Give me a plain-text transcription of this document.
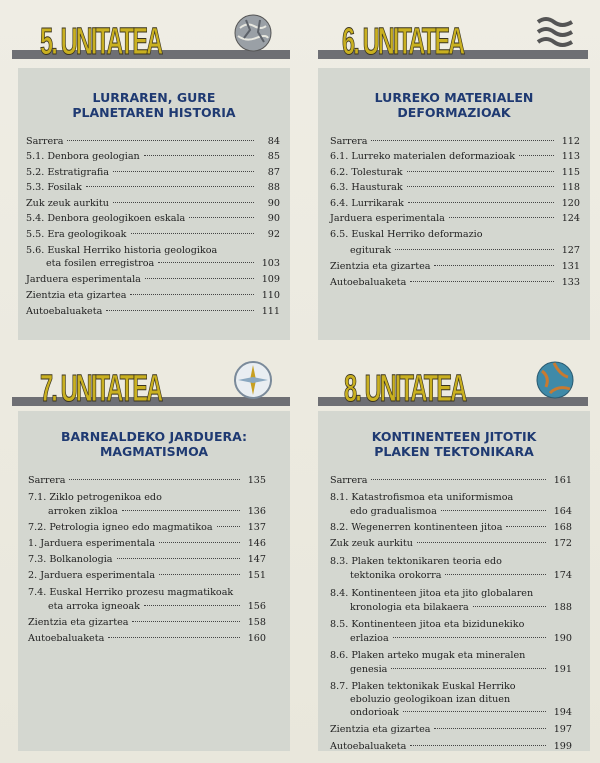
5. UNITATEA
LURRAREN, GURE
PLANETAREN HISTORIA
Sarrera	84
5.1. Denbora geologian	85
5.2. Estratigrafia	87
5.3. Fosilak	88
Zuk zeuk aurkitu	90
5.4. Denbora geologikoen eskala	90
5.5. Era geologikoak	92
5.6. Euskal Herriko historia geologikoa
eta fosilen erregistroa	103
Jarduera esperimentala	109
Zientzia eta gizartea	110
Autoebaluaketa	111
6. UNITATEA
LURREKO MATERIALEN
DEFORMAZIOAK
Sarrera	112
6.1. Lurreko materialen deformazioak	113
6.2. Tolesturak	115
6.3. Hausturak	118
6.4. Lurrikarak	120
Jarduera esperimentala	124
6.5. Euskal Herriko deformazio
egiturak	127
Zientzia eta gizartea	131
Autoebaluaketa	133
7. UNITATEA
BARNEALDEKO JARDUERA:
MAGMATISMOA
Sarrera	135
7.1. Ziklo petrogenikoa edo
arroken zikloa	136
7.2. Petrologia igneo edo magmatikoa	137
1. Jarduera esperimentala	146
7.3. Bolkanologia	147
2. Jarduera esperimentala	151
7.4. Euskal Herriko prozesu magmatikoak
eta arroka igneoak	156
Zientzia eta gizartea	158
Autoebaluaketa	160
8. UNITATEA
KONTINENTEEN JITOTIK
PLAKEN TEKTONIKARA
Sarrera	161
8.1. Katastrofismoa eta uniformismoa
edo gradualismoa	164
8.2. Wegenerren kontinenteen jitoa	168
Zuk zeuk aurkitu	172
8.3. Plaken tektonikaren teoria edo
tektonika orokorra	174
8.4. Kontinenteen jitoa eta jito globalaren
kronologia eta bilakaera	188
8.5. Kontinenteen jitoa eta bizidunekiko
erlazioa	190
8.6. Plaken arteko mugak eta mineralen
genesia	191
8.7. Plaken tektonikak Euskal Herriko
eboluzio geologikoan izan dituen
ondorioak	194
Zientzia eta gizartea	197
Autoebaluaketa	199
